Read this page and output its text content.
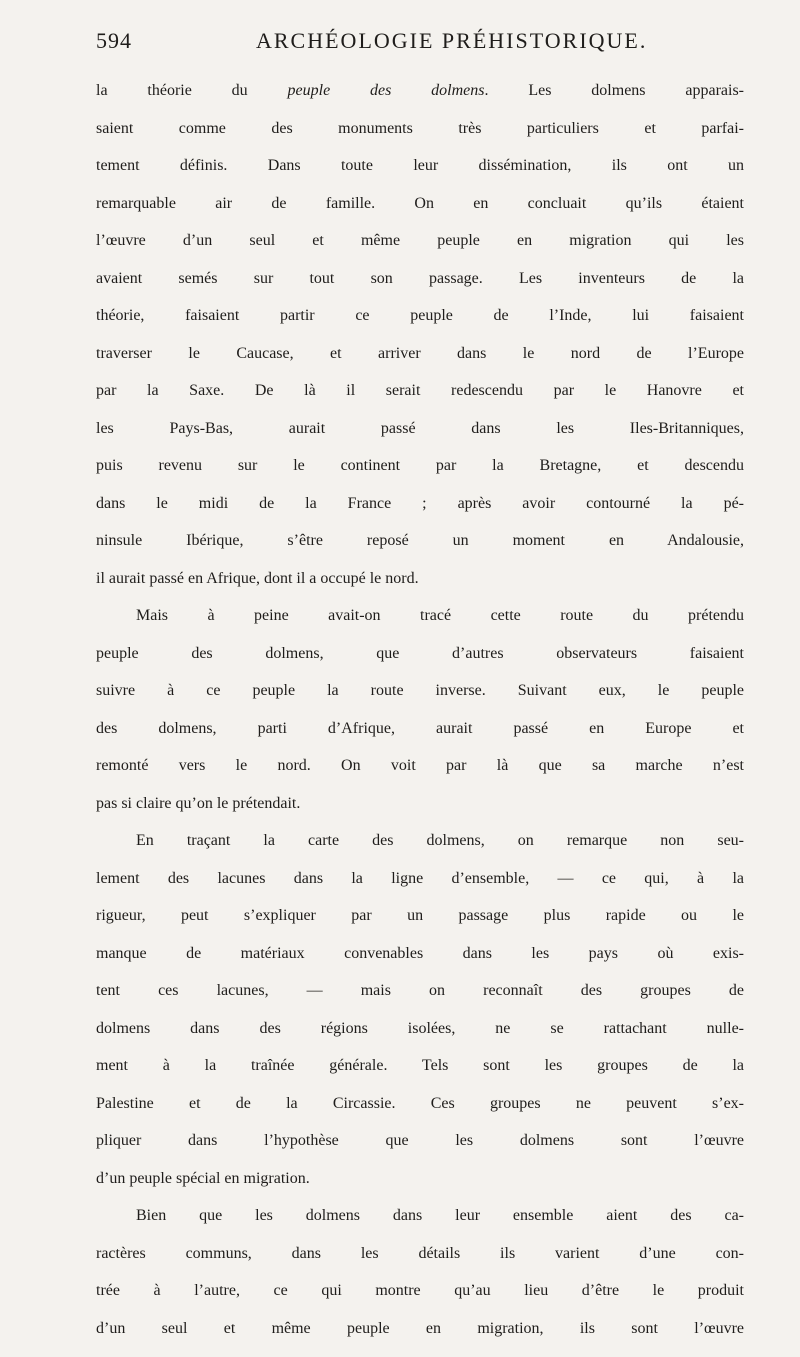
594	ARCHÉOLOGIE PRÉHISTORIQUE.
la théorie du peuple des dolmens. Les dolmens apparais-
saient comme des monuments très particuliers et parfai-
tement définis. Dans toute leur dissémination, ils ont un
remarquable air de famille. On en concluait qu’ils étaient
l’œuvre d’un seul et même peuple en migration qui les
avaient semés sur tout son passage. Les inventeurs de la
théorie, faisaient partir ce peuple de l’Inde, lui faisaient
traverser le Caucase, et arriver dans le nord de l’Europe
par la Saxe. De là il serait redescendu par le Hanovre et
les Pays-Bas, aurait passé dans les Iles-Britanniques,
puis revenu sur le continent par la Bretagne, et descendu
dans le midi de la France ; après avoir contourné la pé-
ninsule Ibérique, s’être reposé un moment en Andalousie,
il aurait passé en Afrique, dont il a occupé le nord.
Mais à peine avait-on tracé cette route du prétendu
peuple des dolmens, que d’autres observateurs faisaient
suivre à ce peuple la route inverse. Suivant eux, le peuple
des dolmens, parti d’Afrique, aurait passé en Europe et
remonté vers le nord. On voit par là que sa marche n’est
pas si claire qu’on le prétendait.
En traçant la carte des dolmens, on remarque non seu-
lement des lacunes dans la ligne d’ensemble, — ce qui, à la
rigueur, peut s’expliquer par un passage plus rapide ou le
manque de matériaux convenables dans les pays où exis-
tent ces lacunes, — mais on reconnaît des groupes de
dolmens dans des régions isolées, ne se rattachant nulle-
ment à la traînée générale. Tels sont les groupes de la
Palestine et de la Circassie. Ces groupes ne peuvent s’ex-
pliquer dans l’hypothèse que les dolmens sont l’œuvre
d’un peuple spécial en migration.
Bien que les dolmens dans leur ensemble aient des ca-
ractères communs, dans les détails ils varient d’une con-
trée à l’autre, ce qui montre qu’au lieu d’être le produit
d’un seul et même peuple en migration, ils sont l’œuvre
